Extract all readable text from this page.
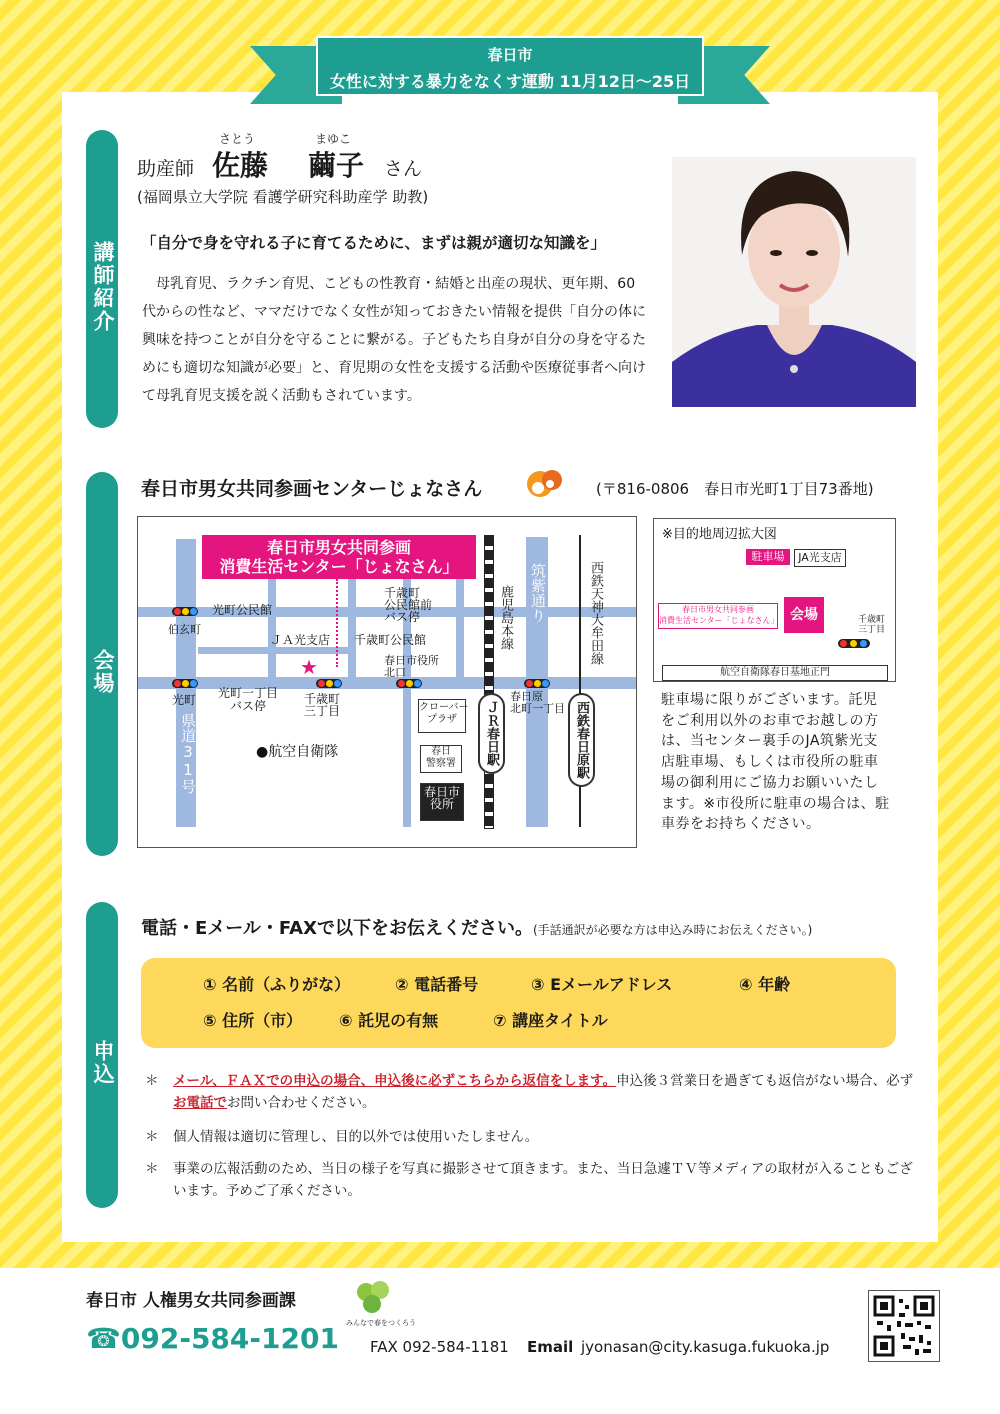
春日市
女性に対する暴力をなくす運動 11月12日～25日
講師紹介
会場
申込
さとう	まゆこ
助産師 佐藤 繭子 さん
(福岡県立大学院 看護学研究科助産学 助教)
「自分で身を守れる子に育てるために、まずは親が適切な知識を」
母乳育児、ラクチン育児、こどもの性教育・結婚と出産の現状、更年期、60代からの性など、ママだけでなく女性が知っておきたい情報を提供「自分の体に興味を持つことが自分を守ることに繋がる。子どもたち自身が自分の身を守るためにも適切な知識が必要」と、育児期の女性を支援する活動や医療従事者へ向けて母乳育児支援を説く活動もされています。
春日市男女共同参画センターじょなさん	(〒816-0806　春日市光町1丁目73番地)
春日市男女共同参画
消費生活センター「じょなさん」
★
光町公民館
伯玄町
千歳町
公民館前
バス停
ＪＡ光支店 千歳町公民館
春日市役所
北口
光町 光町一丁目
バス停	千歳町
三丁目
春日原
北町一丁目
●航空自衛隊
クローバー
プラザ
春日
警察署
春日市
役所
県道31号
筑紫通り
鹿児島本線	西鉄天神大牟田線
ＪＲ春日駅	西鉄春日原駅
※目的地周辺拡大図
駐車場	JA光支店
春日市男女共同参画
消費生活センター「じょなさん」 会場	千歳町
三丁目
航空自衛隊春日基地正門
駐車場に限りがございます。託児をご利用以外のお車でお越しの方は、当センター裏手のJA筑紫光支店駐車場、もしくは市役所の駐車場の御利用にご協力お願いいたします。※市役所に駐車の場合は、駐車券をお持ちください。
電話・Eメール・FAXで以下をお伝えください。(手話通訳が必要な方は申込み時にお伝えください。)
① 名前（ふりがな）	② 電話番号	③ Eメールアドレス	④ 年齢
⑤ 住所（市） ⑥ 託児の有無	⑦ 講座タイトル
＊ メール、ＦＡＸでの申込の場合、申込後に必ずこちらから返信をします。申込後３営業日を過ぎても返信がない場合、必ずお電話でお問い合わせください。
＊ 個人情報は適切に管理し、目的以外では使用いたしません。
＊ 事業の広報活動のため、当日の様子を写真に撮影させて頂きます。また、当日急遽ＴＶ等メディアの取材が入ることもございます。予めご了承ください。
春日市 人権男女共同参画課
みんなで春をつくろう
☎092-584-1201 FAX 092-584-1181 Email jyonasan@city.kasuga.fukuoka.jp
